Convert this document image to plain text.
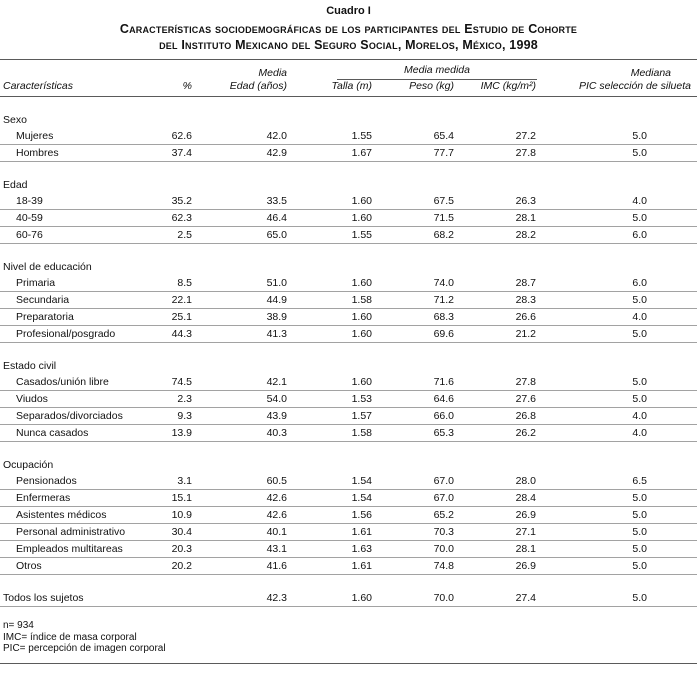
Cuadro I
Características sociodemográficas de los participantes del Estudio de Cohorte
del Instituto Mexicano del Seguro Social, Morelos, México, 1998
		Media	Media medida			Mediana
Características	%	Edad (años)	Talla (m)	Peso (kg)	IMC (kg/m²)	PIC selección de silueta

Sexo						
Mujeres	62.6	42.0	1.55	65.4	27.2	5.0
Hombres	37.4	42.9	1.67	77.7	27.8	5.0

Edad						
18-39	35.2	33.5	1.60	67.5	26.3	4.0
40-59	62.3	46.4	1.60	71.5	28.1	5.0
60-76	2.5	65.0	1.55	68.2	28.2	6.0

Nivel de educación						
Primaria	8.5	51.0	1.60	74.0	28.7	6.0
Secundaria	22.1	44.9	1.58	71.2	28.3	5.0
Preparatoria	25.1	38.9	1.60	68.3	26.6	4.0
Profesional/posgrado	44.3	41.3	1.60	69.6	21.2	5.0

Estado civil						
Casados/unión libre	74.5	42.1	1.60	71.6	27.8	5.0
Viudos	2.3	54.0	1.53	64.6	27.6	5.0
Separados/divorciados	9.3	43.9	1.57	66.0	26.8	4.0
Nunca casados	13.9	40.3	1.58	65.3	26.2	4.0

Ocupación						
Pensionados	3.1	60.5	1.54	67.0	28.0	6.5
Enfermeras	15.1	42.6	1.54	67.0	28.4	5.0
Asistentes médicos	10.9	42.6	1.56	65.2	26.9	5.0
Personal administrativo	30.4	40.1	1.61	70.3	27.1	5.0
Empleados multitareas	20.3	43.1	1.63	70.0	28.1	5.0
Otros	20.2	41.6	1.61	74.8	26.9	5.0

Todos los sujetos		42.3	1.60	70.0	27.4	5.0
n= 934
IMC= índice de masa corporal
PIC= percepción de imagen corporal
